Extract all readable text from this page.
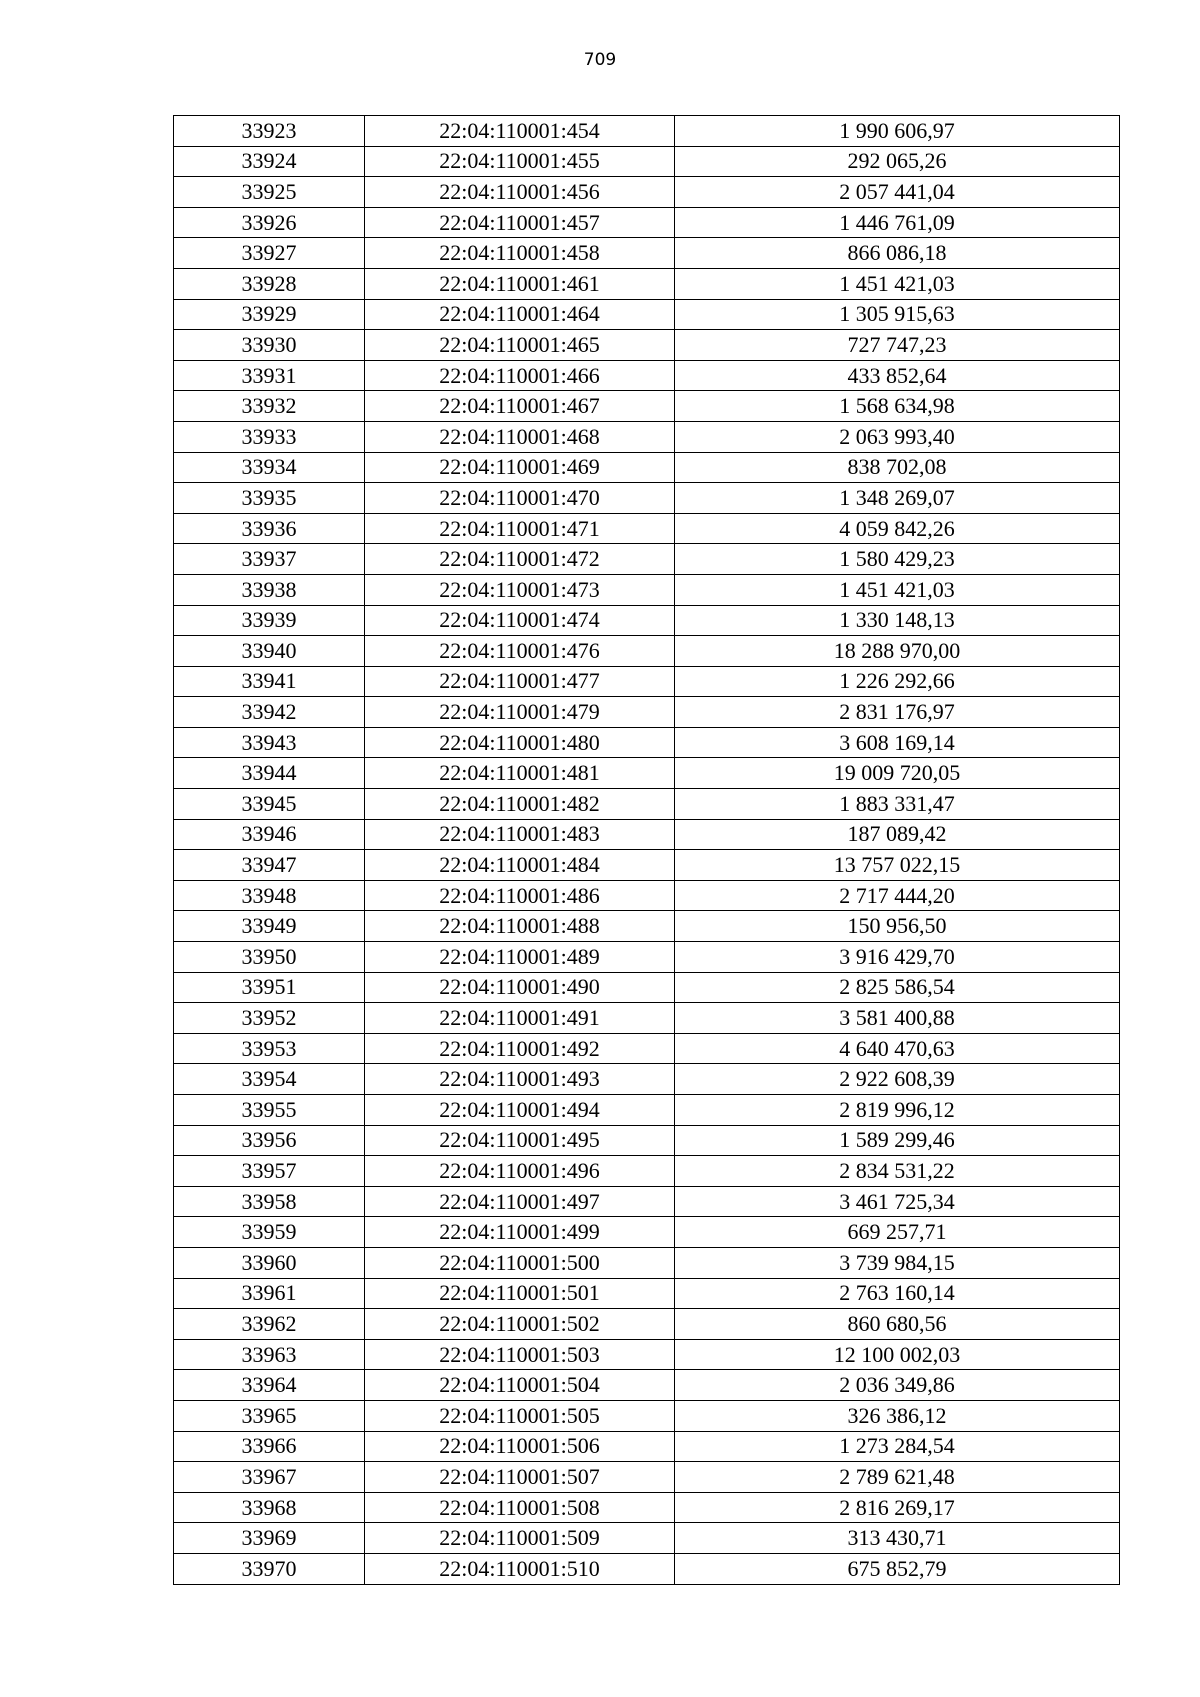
709
33923	22:04:110001:454	1 990 606,97
33924	22:04:110001:455	292 065,26
33925	22:04:110001:456	2 057 441,04
33926	22:04:110001:457	1 446 761,09
33927	22:04:110001:458	866 086,18
33928	22:04:110001:461	1 451 421,03
33929	22:04:110001:464	1 305 915,63
33930	22:04:110001:465	727 747,23
33931	22:04:110001:466	433 852,64
33932	22:04:110001:467	1 568 634,98
33933	22:04:110001:468	2 063 993,40
33934	22:04:110001:469	838 702,08
33935	22:04:110001:470	1 348 269,07
33936	22:04:110001:471	4 059 842,26
33937	22:04:110001:472	1 580 429,23
33938	22:04:110001:473	1 451 421,03
33939	22:04:110001:474	1 330 148,13
33940	22:04:110001:476	18 288 970,00
33941	22:04:110001:477	1 226 292,66
33942	22:04:110001:479	2 831 176,97
33943	22:04:110001:480	3 608 169,14
33944	22:04:110001:481	19 009 720,05
33945	22:04:110001:482	1 883 331,47
33946	22:04:110001:483	187 089,42
33947	22:04:110001:484	13 757 022,15
33948	22:04:110001:486	2 717 444,20
33949	22:04:110001:488	150 956,50
33950	22:04:110001:489	3 916 429,70
33951	22:04:110001:490	2 825 586,54
33952	22:04:110001:491	3 581 400,88
33953	22:04:110001:492	4 640 470,63
33954	22:04:110001:493	2 922 608,39
33955	22:04:110001:494	2 819 996,12
33956	22:04:110001:495	1 589 299,46
33957	22:04:110001:496	2 834 531,22
33958	22:04:110001:497	3 461 725,34
33959	22:04:110001:499	669 257,71
33960	22:04:110001:500	3 739 984,15
33961	22:04:110001:501	2 763 160,14
33962	22:04:110001:502	860 680,56
33963	22:04:110001:503	12 100 002,03
33964	22:04:110001:504	2 036 349,86
33965	22:04:110001:505	326 386,12
33966	22:04:110001:506	1 273 284,54
33967	22:04:110001:507	2 789 621,48
33968	22:04:110001:508	2 816 269,17
33969	22:04:110001:509	313 430,71
33970	22:04:110001:510	675 852,79
